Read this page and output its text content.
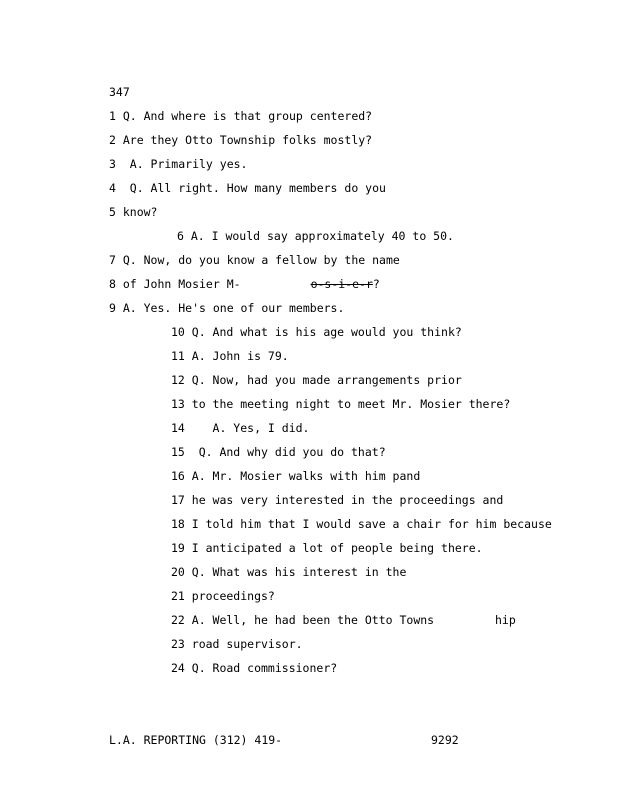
347
1 Q. And where is that group centered?
2 Are they Otto Township folks mostly?
3  A. Primarily yes.
4  Q. All right. How many members do you
5 know?
6 A. I would say approximately 40 to 50.
7 Q. Now, do you know a fellow by the name
8 of John Mosier M-	o-s-i-e-r?
9 A. Yes. He's one of our members.
10 Q. And what is his age would you think?
11 A. John is 79.
12 Q. Now, had you made arrangements prior
13 to the meeting night to meet Mr. Mosier there?
14    A. Yes, I did.
15  Q. And why did you do that?
16 A. Mr. Mosier walks with him pand
17 he was very interested in the proceedings and
18 I told him that I would save a chair for him because
19 I anticipated a lot of people being there.
20 Q. What was his interest in the
21 proceedings?
22 A. Well, he had been the Otto Towns	hip
23 road supervisor.
24 Q. Road commissioner?
L.A. REPORTING (312) 419-	9292
